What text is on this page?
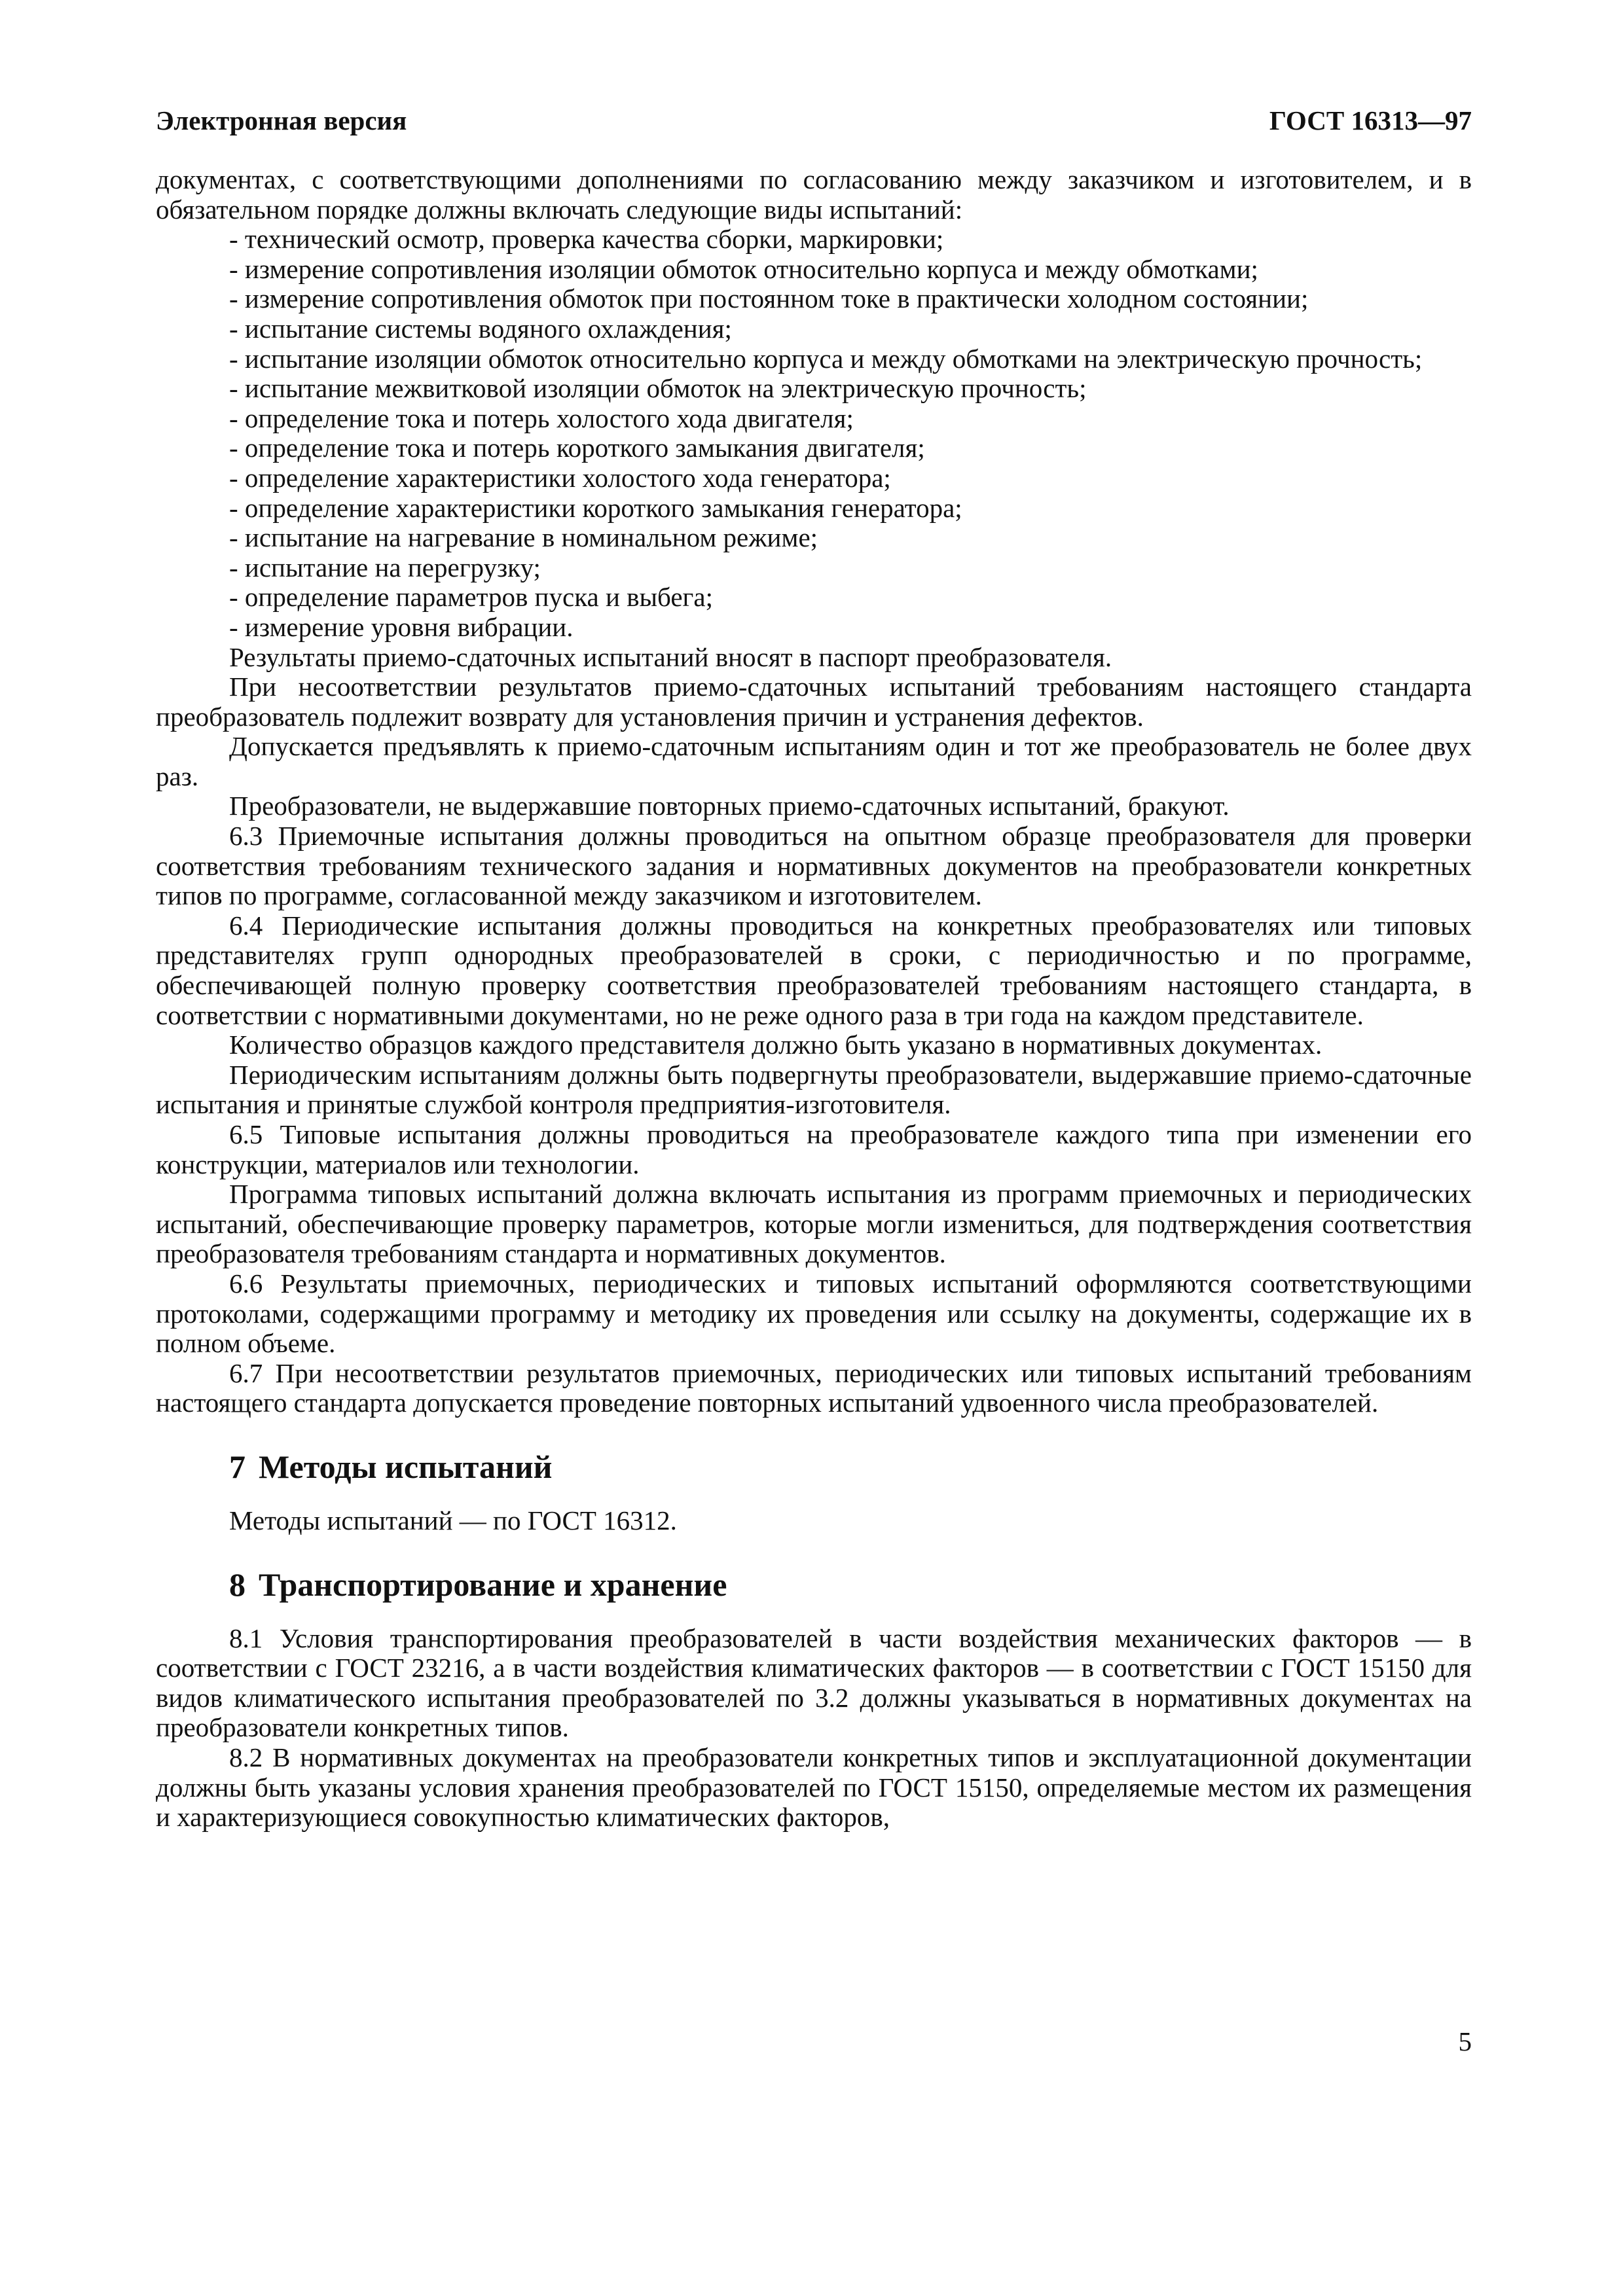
Электронная версия	ГОСТ 16313—97

документах, с соответствующими дополнениями по согласованию между заказчиком и изготовителем, и в обязательном порядке должны включать следующие виды испытаний:

- технический осмотр, проверка качества сборки, маркировки;

- измерение сопротивления изоляции обмоток относительно корпуса и между обмотками;

- измерение сопротивления обмоток при постоянном токе в практически холодном состоянии;

- испытание системы водяного охлаждения;

- испытание изоляции обмоток относительно корпуса и между обмотками на электрическую прочность;

- испытание межвитковой изоляции обмоток на электрическую прочность;

- определение тока и потерь холостого хода двигателя;

- определение тока и потерь короткого замыкания двигателя;

- определение характеристики холостого хода генератора;

- определение характеристики короткого замыкания генератора;

- испытание на нагревание в номинальном режиме;

- испытание на перегрузку;

- определение параметров пуска и выбега;

- измерение уровня вибрации.

Результаты приемо-сдаточных испытаний вносят в паспорт преобразователя.

При несоответствии результатов приемо-сдаточных испытаний требованиям настоящего стандарта преобразователь подлежит возврату для установления причин и устранения дефектов.

Допускается предъявлять к приемо-сдаточным испытаниям один и тот же преобразователь не более двух раз.

Преобразователи, не выдержавшие повторных приемо-сдаточных испытаний, бракуют.

6.3 Приемочные испытания должны проводиться на опытном образце преобразователя для проверки соответствия требованиям технического задания и нормативных документов на преобразователи конкретных типов по программе, согласованной между заказчиком и изготовителем.

6.4 Периодические испытания должны проводиться на конкретных преобразователях или типовых представителях групп однородных преобразователей в сроки, с периодичностью и по программе, обеспечивающей полную проверку соответствия преобразователей требованиям настоящего стандарта, в соответствии с нормативными документами, но не реже одного раза в три года на каждом представителе.

Количество образцов каждого представителя должно быть указано в нормативных документах.

Периодическим испытаниям должны быть подвергнуты преобразователи, выдержавшие приемо-сдаточные испытания и принятые службой контроля предприятия-изготовителя.

6.5 Типовые испытания должны проводиться на преобразователе каждого типа при изменении его конструкции, материалов или технологии.

Программа типовых испытаний должна включать испытания из программ приемочных и периодических испытаний, обеспечивающие проверку параметров, которые могли измениться, для подтверждения соответствия преобразователя требованиям стандарта и нормативных документов.

6.6 Результаты приемочных, периодических и типовых испытаний оформляются соответствующими протоколами, содержащими программу и методику их проведения или ссылку на документы, содержащие их в полном объеме.

6.7 При несоответствии результатов приемочных, периодических или типовых испытаний требованиям настоящего стандарта допускается проведение повторных испытаний удвоенного числа преобразователей.

7 Методы испытаний

Методы испытаний — по ГОСТ 16312.

8 Транспортирование и хранение

8.1 Условия транспортирования преобразователей в части воздействия механических факторов — в соответствии с ГОСТ 23216, а в части воздействия климатических факторов — в соответствии с ГОСТ 15150 для видов климатического испытания преобразователей по 3.2 должны указываться в нормативных документах на преобразователи конкретных типов.

8.2 В нормативных документах на преобразователи конкретных типов и эксплуатационной документации должны быть указаны условия хранения преобразователей по ГОСТ 15150, определяемые местом их размещения и характеризующиеся совокупностью климатических факторов,

5
